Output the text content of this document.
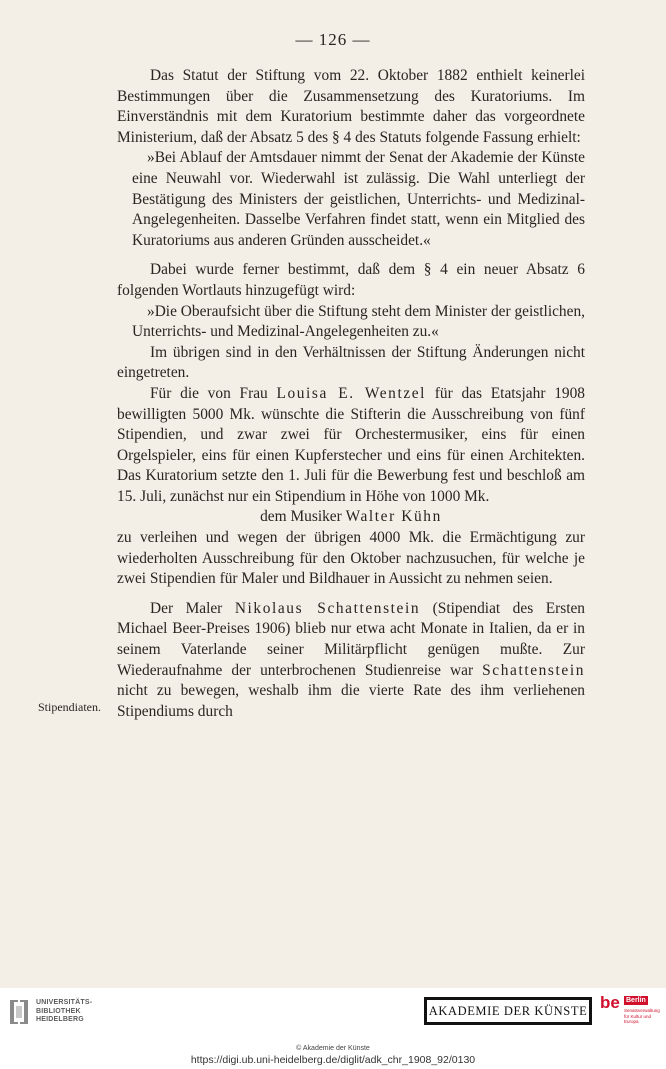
— 126 —
Stipendiaten.

Das Statut der Stiftung vom 22. Oktober 1882 enthielt keinerlei Bestimmungen über die Zusammensetzung des Kuratoriums. Im Einverständnis mit dem Kuratorium bestimmte daher das vorgeordnete Ministerium, daß der Absatz 5 des § 4 des Statuts folgende Fassung erhielt:

»Bei Ablauf der Amtsdauer nimmt der Senat der Akademie der Künste eine Neuwahl vor. Wiederwahl ist zulässig. Die Wahl unterliegt der Bestätigung des Ministers der geistlichen, Unterrichts- und Medizinal-Angelegenheiten. Dasselbe Verfahren findet statt, wenn ein Mitglied des Kuratoriums aus anderen Gründen ausscheidet.«

Dabei wurde ferner bestimmt, daß dem § 4 ein neuer Absatz 6 folgenden Wortlauts hinzugefügt wird:

»Die Oberaufsicht über die Stiftung steht dem Minister der geistlichen, Unterrichts- und Medizinal-Angelegenheiten zu.«

Im übrigen sind in den Verhältnissen der Stiftung Änderungen nicht eingetreten.

Für die von Frau Louisa E. Wentzel für das Etatsjahr 1908 bewilligten 5000 Mk. wünschte die Stifterin die Ausschreibung von fünf Stipendien, und zwar zwei für Orchestermusiker, eins für einen Orgelspieler, eins für einen Kupferstecher und eins für einen Architekten. Das Kuratorium setzte den 1. Juli für die Bewerbung fest und beschloß am 15. Juli, zunächst nur ein Stipendium in Höhe von 1000 Mk.

dem Musiker Walter Kühn

zu verleihen und wegen der übrigen 4000 Mk. die Ermächtigung zur wiederholten Ausschreibung für den Oktober nachzusuchen, für welche je zwei Stipendien für Maler und Bildhauer in Aussicht zu nehmen seien.

Der Maler Nikolaus Schattenstein (Stipendiat des Ersten Michael Beer-Preises 1906) blieb nur etwa acht Monate in Italien, da er in seinem Vaterlande seiner Militärpflicht genügen mußte. Zur Wiederaufnahme der unterbrochenen Studienreise war Schattenstein nicht zu bewegen, weshalb ihm die vierte Rate des ihm verliehenen Stipendiums durch

UNIVERSITÄTS-
BIBLIOTHEK
HEIDELBERG
AKADEMIE DER KÜNSTE be Berlin
Senatsverwaltung
für Kultur und Europa
© Akademie der Künste
https://digi.ub.uni-heidelberg.de/diglit/adk_chr_1908_92/0130
